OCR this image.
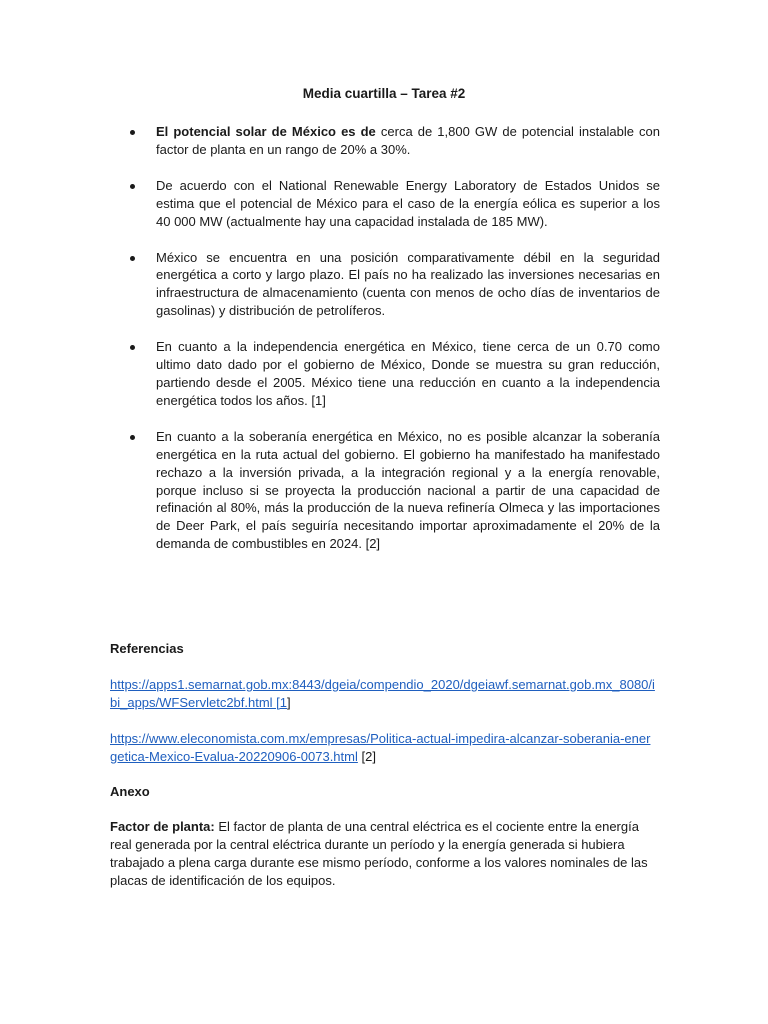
Media cuartilla – Tarea #2

El potencial solar de México es de cerca de 1,800 GW de potencial instalable con factor de planta en un rango de 20% a 30%.

De acuerdo con el National Renewable Energy Laboratory de Estados Unidos se estima que el potencial de México para el caso de la energía eólica es superior a los 40 000 MW (actualmente hay una capacidad instalada de 185 MW).

México se encuentra en una posición comparativamente débil en la seguridad energética a corto y largo plazo. El país no ha realizado las inversiones necesarias en infraestructura de almacenamiento (cuenta con menos de ocho días de inventarios de gasolinas) y distribución de petrolíferos.

En cuanto a la independencia energética en México, tiene cerca de un 0.70 como ultimo dato dado por el gobierno de México, Donde se muestra su gran reducción, partiendo desde el 2005. México tiene una reducción en cuanto a la independencia energética todos los años. [1]

En cuanto a la soberanía energética en México, no es posible alcanzar la soberanía energética en la ruta actual del gobierno. El gobierno ha manifestado ha manifestado rechazo a la inversión privada, a la integración regional y a la energía renovable, porque incluso si se proyecta la producción nacional a partir de una capacidad de refinación al 80%, más la producción de la nueva refinería Olmeca y las importaciones de Deer Park, el país seguiría necesitando importar aproximadamente el 20% de la demanda de combustibles en 2024. [2]

Referencias
https://apps1.semarnat.gob.mx:8443/dgeia/compendio_2020/dgeiawf.semarnat.gob.mx_8080/ibi_apps/WFServletc2bf.html [1]
https://www.eleconomista.com.mx/empresas/Politica-actual-impedira-alcanzar-soberania-energetica-Mexico-Evalua-20220906-0073.html [2]
Anexo
Factor de planta: El factor de planta de una central eléctrica es el cociente entre la energía real generada por la central eléctrica durante un período y la energía generada si hubiera trabajado a plena carga durante ese mismo período, conforme a los valores nominales de las placas de identificación de los equipos.
